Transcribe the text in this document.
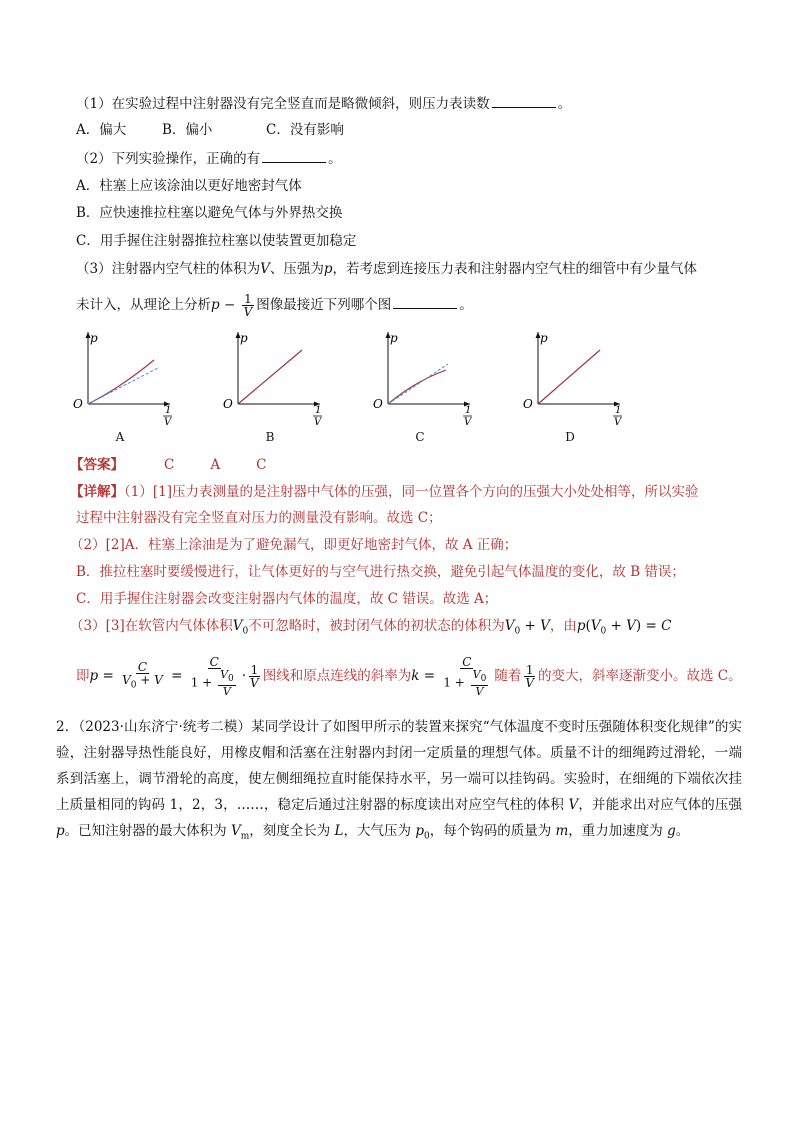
（1）在实验过程中注射器没有完全竖直而是略微倾斜，则压力表读数	。
A．偏大	B．偏小	C．没有影响
（2）下列实验操作，正确的有	。
A．柱塞上应该涂油以更好地密封气体
B．应快速推拉柱塞以避免气体与外界热交换
C．用手握住注射器推拉柱塞以使装置更加稳定
（3）注射器内空气柱的体积为V、压强为p，若考虑到连接压力表和注射器内空气柱的细管中有少量气体
未计入，从理论上分析$p - \frac{1}{V}$ 图像最接近下列哪个图	。
p
O	1
V
p
O	1
V
p
O	1
V
p
O	1
V
A	B	C	D
【答案】	C	A	C
【详解】（1）[1]压力表测量的是注射器中气体的压强，同一位置各个方向的压强大小处处相等，所以实验
过程中注射器没有完全竖直对压力的测量没有影响。故选 C；
（2）[2]A．柱塞上涂油是为了避免漏气，即更好地密封气体，故 A 正确；
B．推拉柱塞时要缓慢进行，让气体更好的与空气进行热交换，避免引起气体温度的变化，故 B 错误；
C．用手握住注射器会改变注射器内气体的温度，故 C 错误。故选 A；
（3）[3]在软管内气体体积$V_0$不可忽略时，被封闭气体的初状态的体积为$V_0 + V$，由$p(V_0 + V) = C$
即$p = \frac{C}{V_0 + V} = \frac{C}{1 + \frac{V_0}{V}} \cdot \frac{1}{V}$ 图线和原点连线的斜率为$k = \frac{C}{1 + \frac{V_0}{V}}$ 随着 $\frac{1}{V}$ 的变大，斜率逐渐变小。故选 C。
2．（2023·山东济宁·统考二模）某同学设计了如图甲所示的装置来探究“气体温度不变时压强随体积变化规律”的实验，注射器导热性能良好，用橡皮帽和活塞在注射器内封闭一定质量的理想气体。质量不计的细绳跨过滑轮，一端系到活塞上，调节滑轮的高度，使左侧细绳拉直时能保持水平，另一端可以挂钩码。实验时，在细绳的下端依次挂上质量相同的钩码 1，2，3，……，稳定后通过注射器的标度读出对应空气柱的体积 V，并能求出对应气体的压强 p。已知注射器的最大体积为 $V_m$，刻度全长为 L，大气压为 $p_0$，每个钩码的质量为 m，重力加速度为 g。
